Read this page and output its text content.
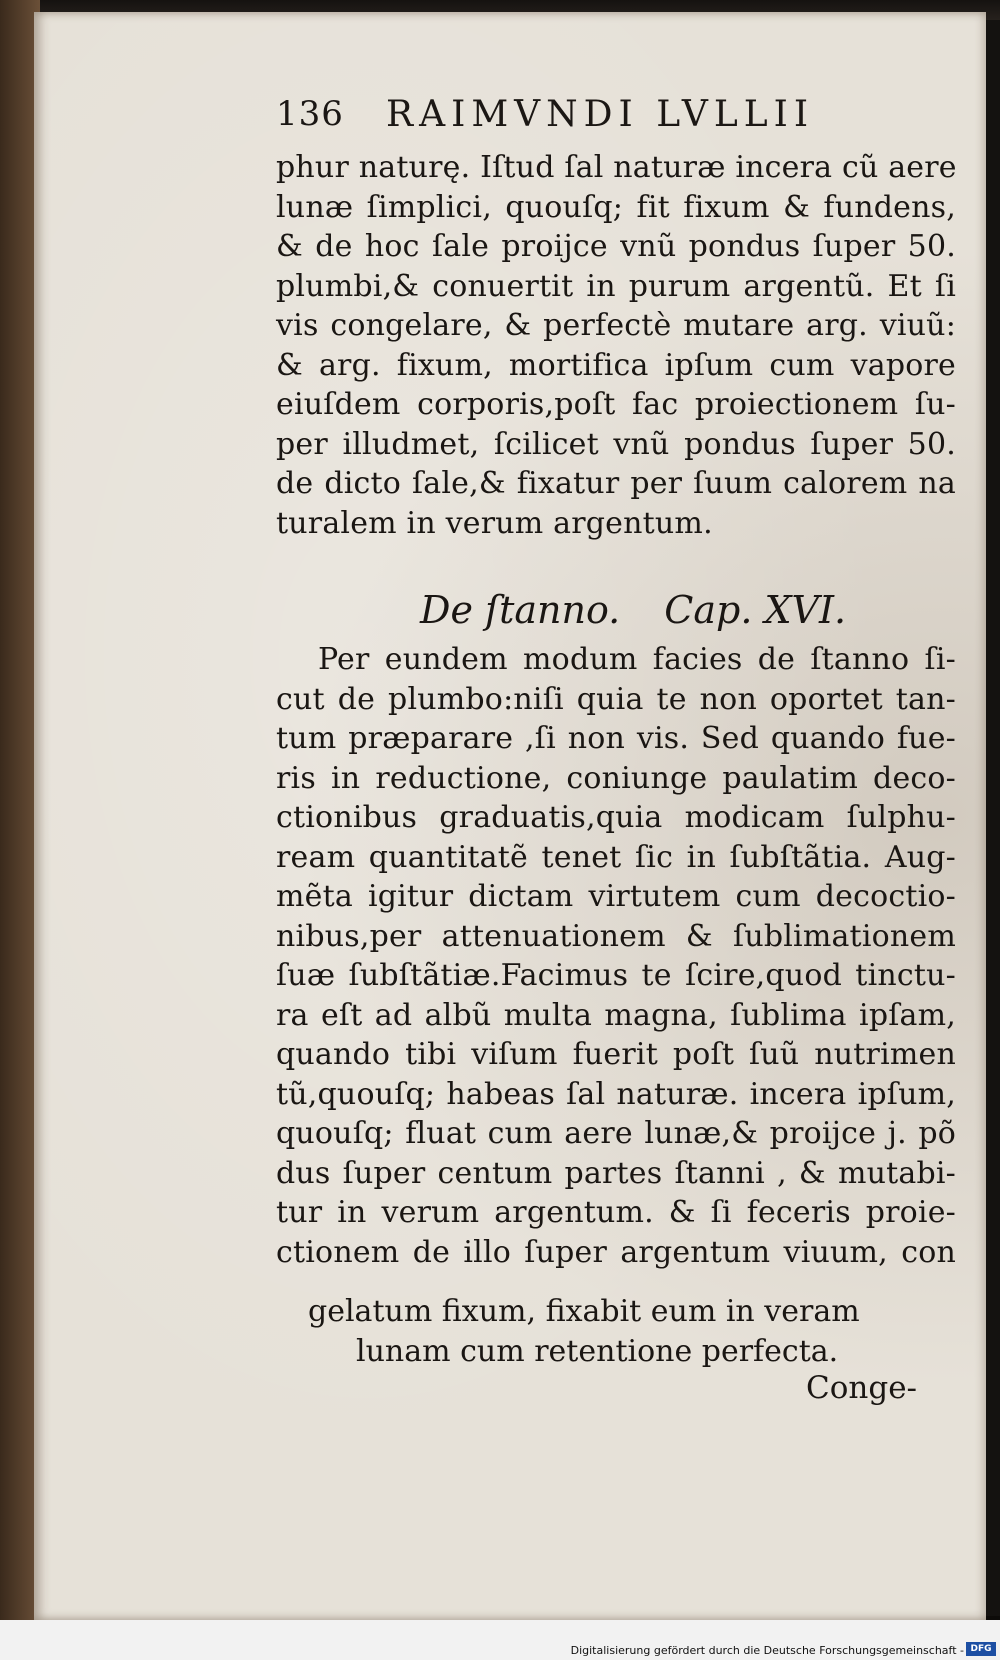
136 RAIMVNDI LVLLII
phur naturę. Iſtud ſal naturæ incera cũ aere
lunæ ſimplici, quouſq; fit fixum & fundens,
& de hoc ſale proijce vnũ pondus ſuper 50.
plumbi,& conuertit in purum argentũ. Et ſi
vis congelare, & perfectè mutare arg. viuũ:
& arg. fixum, mortifica ipſum cum vapore
eiuſdem corporis,poſt fac proiectionem ſu-
per illudmet, ſcilicet vnũ pondus ſuper 50.
de dicto ſale,& fixatur per ſuum calorem na
turalem in verum argentum.
De ſtanno. Cap. XVI.
Per eundem modum facies de ſtanno ſi-
cut de plumbo:niſi quia te non oportet tan-
tum præparare ,ſi non vis. Sed quando fue-
ris in reductione, coniunge paulatim deco-
ctionibus graduatis,quia modicam ſulphu-
ream quantitatẽ tenet ſic in ſubſtãtia. Aug-
mẽta igitur dictam virtutem cum decoctio-
nibus,per attenuationem & ſublimationem
ſuæ ſubſtãtiæ.Facimus te ſcire,quod tinctu-
ra eſt ad albũ multa magna, ſublima ipſam,
quando tibi viſum fuerit poſt ſuũ nutrimen
tũ,quouſq; habeas ſal naturæ. incera ipſum,
quouſq; fluat cum aere lunæ,& proijce j. põ
dus ſuper centum partes ſtanni , & mutabi-
tur in verum argentum. & ſi feceris proie-
ctionem de illo ſuper argentum viuum, con
gelatum fixum, fixabit eum in veram
lunam cum retentione perfecta.
Conge-
Digitalisierung gefördert durch die Deutsche Forschungsgemeinschaft - DFG
